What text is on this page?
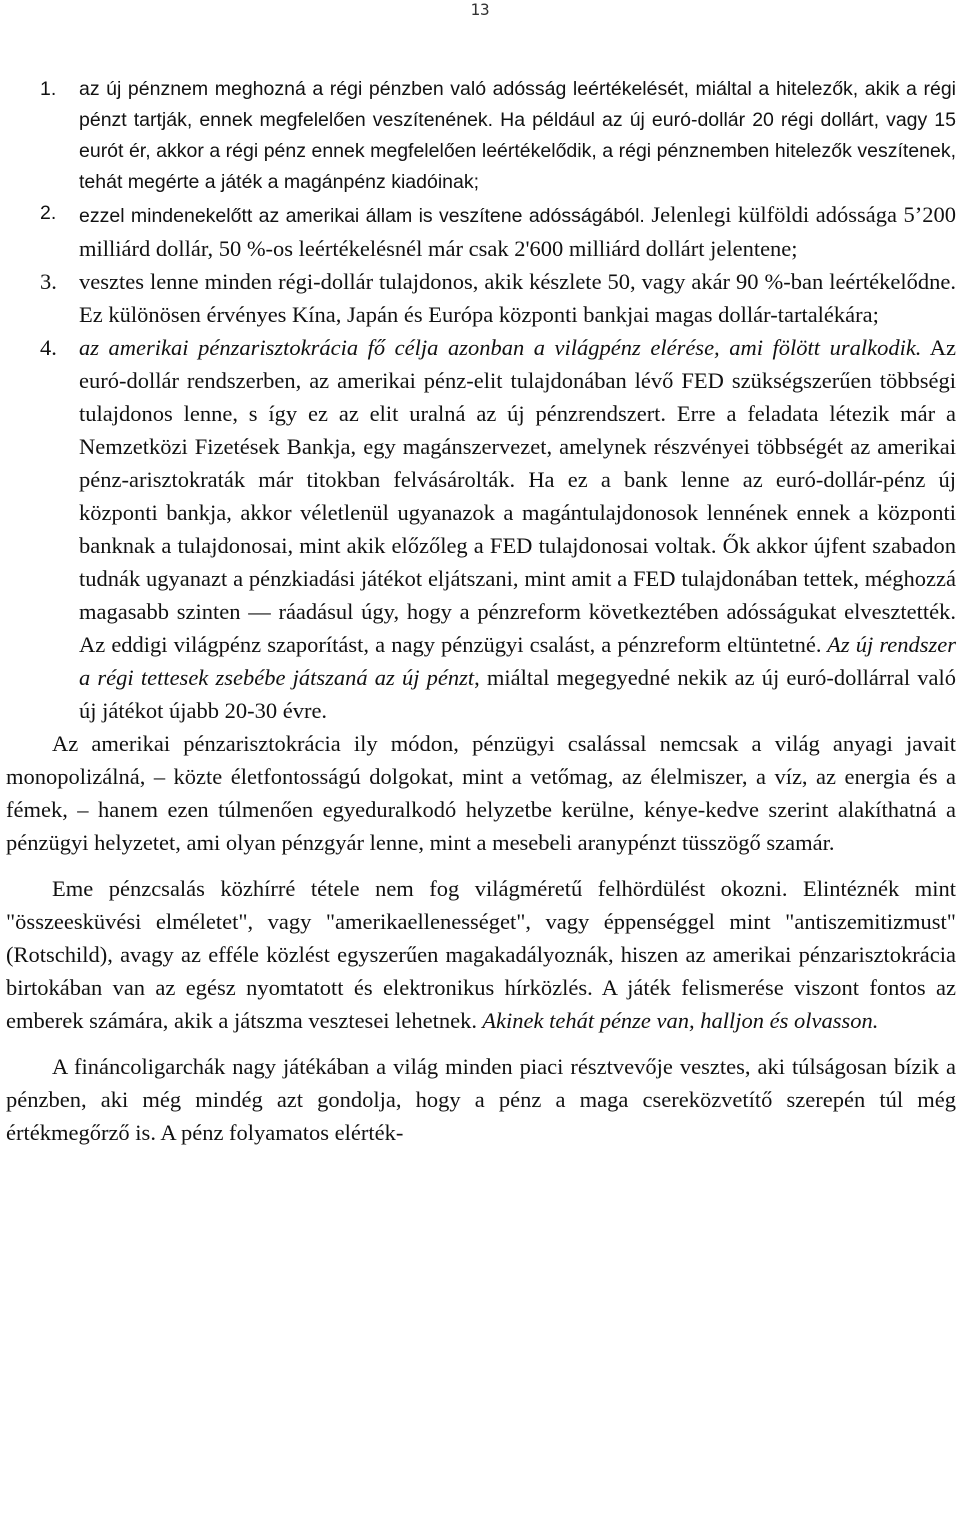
13
1. az új pénznem meghozná a régi pénzben való adósság leértékelését, miáltal a hitelezők, akik a régi pénzt tartják, ennek megfelelően veszítenének. Ha például az új euró-dollár 20 régi dollárt, vagy 15 eurót ér, akkor a régi pénz ennek megfelelően leértékelődik, a régi pénznemben hitelezők veszítenek, tehát megérte a játék a magánpénz kiadóinak;
2. ezzel mindenekelőtt az amerikai állam is veszítene adósságából. Jelenlegi külföldi adóssága 5’200 milliárd dollár, 50 %-os leértékelésnél már csak 2'600 milliárd dollárt jelentene;
3. vesztes lenne minden régi-dollár tulajdonos, akik készlete 50, vagy akár 90 %-ban leértékelődne. Ez különösen érvényes Kína, Japán és Európa központi bankjai magas dollár-tartalékára;
4. az amerikai pénzarisztokrácia fő célja azonban a világpénz elérése, ami fölött uralkodik. Az euró-dollár rendszerben, az amerikai pénz-elit tulajdonában lévő FED szükségszerűen többségi tulajdonos lenne, s így ez az elit uralná az új pénzrendszert. Erre a feladata létezik már a Nemzetközi Fizetések Bankja, egy magánszervezet, amelynek részvényei többségét az amerikai pénz-arisztokraták már titokban felvásárolták. Ha ez a bank lenne az euró-dollár-pénz új központi bankja, akkor véletlenül ugyanazok a magántulajdonosok lennének ennek a központi banknak a tulajdonosai, mint akik előzőleg a FED tulajdonosai voltak. Ők akkor újfent szabadon tudnák ugyanazt a pénzkiadási játékot eljátszani, mint amit a FED tulajdonában tettek, méghozzá magasabb szinten — ráadásul úgy, hogy a pénzreform következtében adósságukat elvesztették. Az eddigi világpénz szaporítást, a nagy pénzügyi csalást, a pénzreform eltüntetné. Az új rendszer a régi tettesek zsebébe játszaná az új pénzt, miáltal megegyedné nekik az új euró-dollárral való új játékot újabb 20-30 évre.

Az amerikai pénzarisztokrácia ily módon, pénzügyi csalással nemcsak a világ anyagi javait monopolizálná, – közte életfontosságú dolgokat, mint a vetőmag, az élelmiszer, a víz, az energia és a fémek, – hanem ezen túlmenően egyeduralkodó helyzetbe kerülne, kénye-kedve szerint alakíthatná a pénzügyi helyzetet, ami olyan pénzgyár lenne, mint a mesebeli aranypénzt tüsszögő szamár.

Eme pénzcsalás közhírré tétele nem fog világméretű felhördülést okozni. Elintéznék mint "összeesküvési elméletet", vagy "amerikaellenességet", vagy éppenséggel mint "antiszemitizmust" (Rotschild), avagy az efféle közlést egyszerűen magakadályoznák, hiszen az amerikai pénzarisztokrácia birtokában van az egész nyomtatott és elektronikus hírközlés. A játék felismerése viszont fontos az emberek számára, akik a játszma vesztesei lehetnek. Akinek tehát pénze van, halljon és olvasson.

A fináncoligarchák nagy játékában a világ minden piaci résztvevője vesztes, aki túlságosan bízik a pénzben, aki még mindég azt gondolja, hogy a pénz a maga csereközvetítő szerepén túl még értékmegőrző is. A pénz folyamatos elérték-
